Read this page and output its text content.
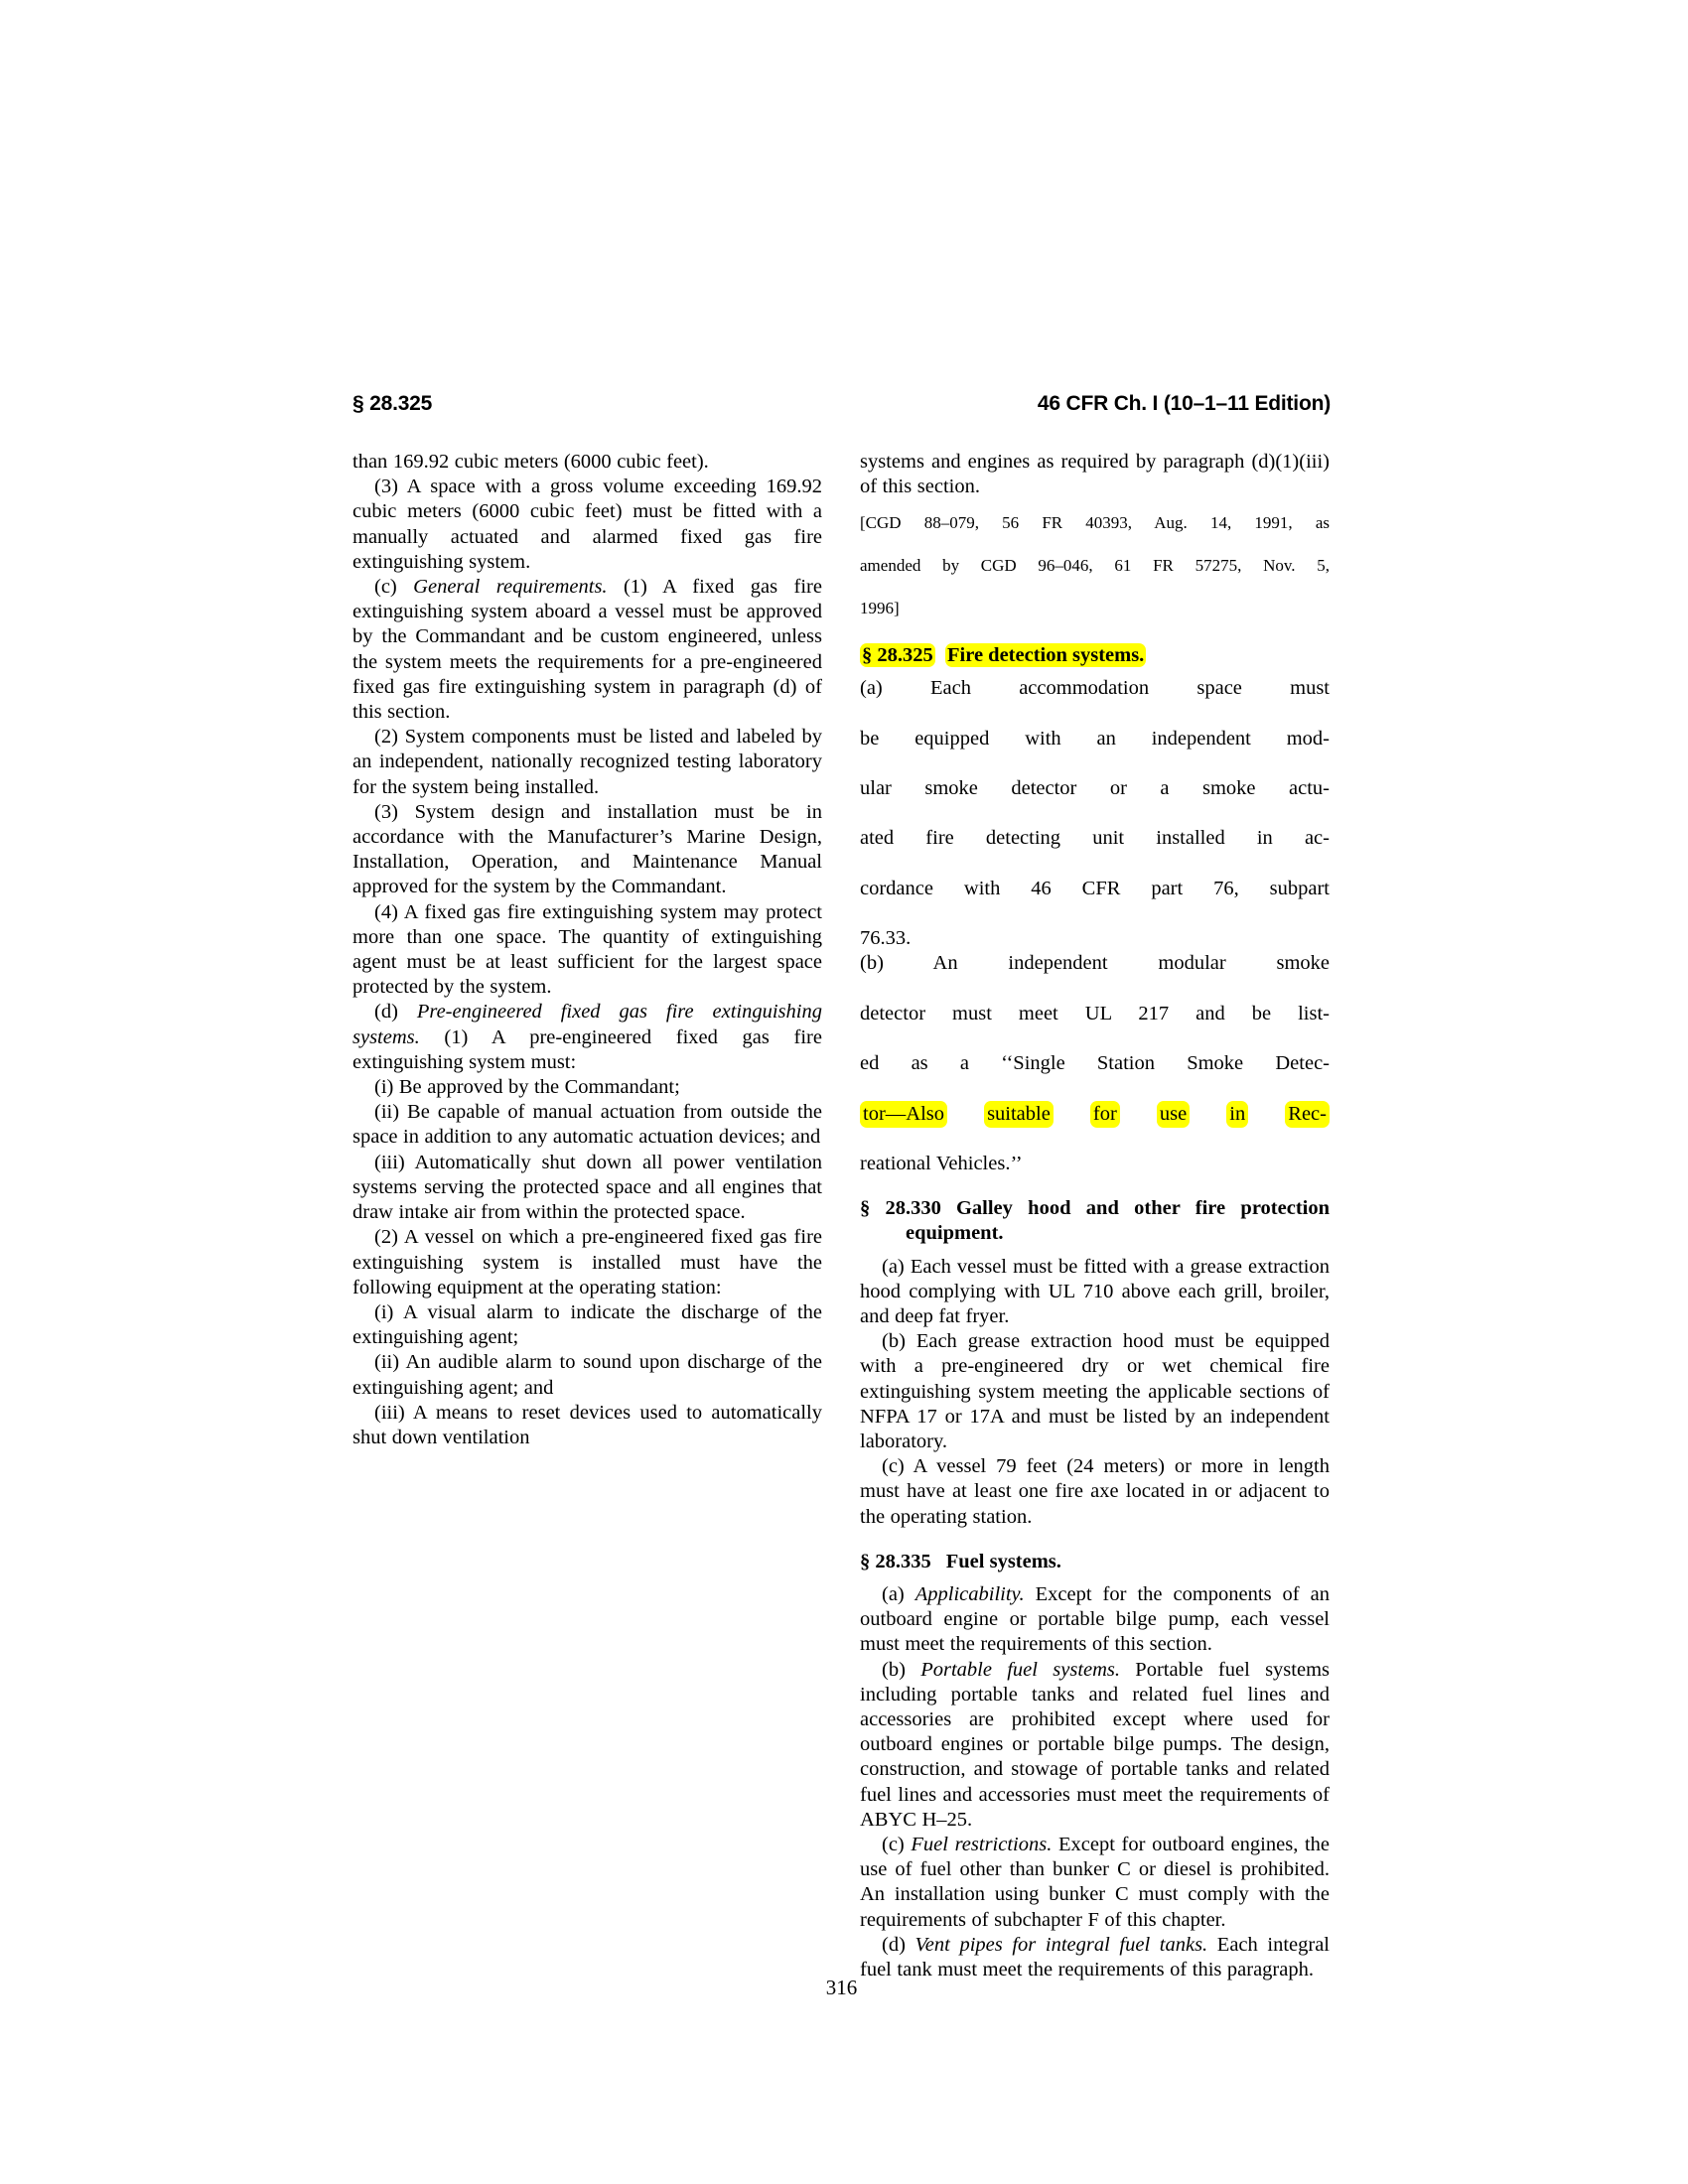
§ 28.325	46 CFR Ch. I (10–1–11 Edition)

than 169.92 cubic meters (6000 cubic feet).

(3) A space with a gross volume exceeding 169.92 cubic meters (6000 cubic feet) must be fitted with a manually actuated and alarmed fixed gas fire extinguishing system.

(c) General requirements. (1) A fixed gas fire extinguishing system aboard a vessel must be approved by the Commandant and be custom engineered, unless the system meets the requirements for a pre-engineered fixed gas fire extinguishing system in paragraph (d) of this section.

(2) System components must be listed and labeled by an independent, nationally recognized testing laboratory for the system being installed.

(3) System design and installation must be in accordance with the Manufacturer’s Marine Design, Installation, Operation, and Maintenance Manual approved for the system by the Commandant.

(4) A fixed gas fire extinguishing system may protect more than one space. The quantity of extinguishing agent must be at least sufficient for the largest space protected by the system.

(d) Pre-engineered fixed gas fire extinguishing systems. (1) A pre-engineered fixed gas fire extinguishing system must:

(i) Be approved by the Commandant;

(ii) Be capable of manual actuation from outside the space in addition to any automatic actuation devices; and

(iii) Automatically shut down all power ventilation systems serving the protected space and all engines that draw intake air from within the protected space.

(2) A vessel on which a pre-engineered fixed gas fire extinguishing system is installed must have the following equipment at the operating station:

(i) A visual alarm to indicate the discharge of the extinguishing agent;

(ii) An audible alarm to sound upon discharge of the extinguishing agent; and

(iii) A means to reset devices used to automatically shut down ventilation

systems and engines as required by paragraph (d)(1)(iii) of this section.

[CGD 88–079, 56 FR 40393, Aug. 14, 1991, as
amended by CGD 96–046, 61 FR 57275, Nov. 5,
1996]

§ 28.325 Fire detection systems.

(a) Each accommodation space must
be equipped with an independent mod-
ular smoke detector or a smoke actu-
ated fire detecting unit installed in ac-
cordance with 46 CFR part 76, subpart
76.33.

(b) An independent modular smoke
detector must meet UL 217 and be list-
ed as a ‘‘Single Station Smoke Detec-
tor—Also suitable for use in Rec-
reational Vehicles.’’

§ 28.330 Galley hood and other fire protection equipment.

(a) Each vessel must be fitted with a grease extraction hood complying with UL 710 above each grill, broiler, and deep fat fryer.

(b) Each grease extraction hood must be equipped with a pre-engineered dry or wet chemical fire extinguishing system meeting the applicable sections of NFPA 17 or 17A and must be listed by an independent laboratory.

(c) A vessel 79 feet (24 meters) or more in length must have at least one fire axe located in or adjacent to the operating station.

§ 28.335 Fuel systems.

(a) Applicability. Except for the components of an outboard engine or portable bilge pump, each vessel must meet the requirements of this section.

(b) Portable fuel systems. Portable fuel systems including portable tanks and related fuel lines and accessories are prohibited except where used for outboard engines or portable bilge pumps. The design, construction, and stowage of portable tanks and related fuel lines and accessories must meet the requirements of ABYC H–25.

(c) Fuel restrictions. Except for outboard engines, the use of fuel other than bunker C or diesel is prohibited. An installation using bunker C must comply with the requirements of subchapter F of this chapter.

(d) Vent pipes for integral fuel tanks. Each integral fuel tank must meet the requirements of this paragraph.

316
